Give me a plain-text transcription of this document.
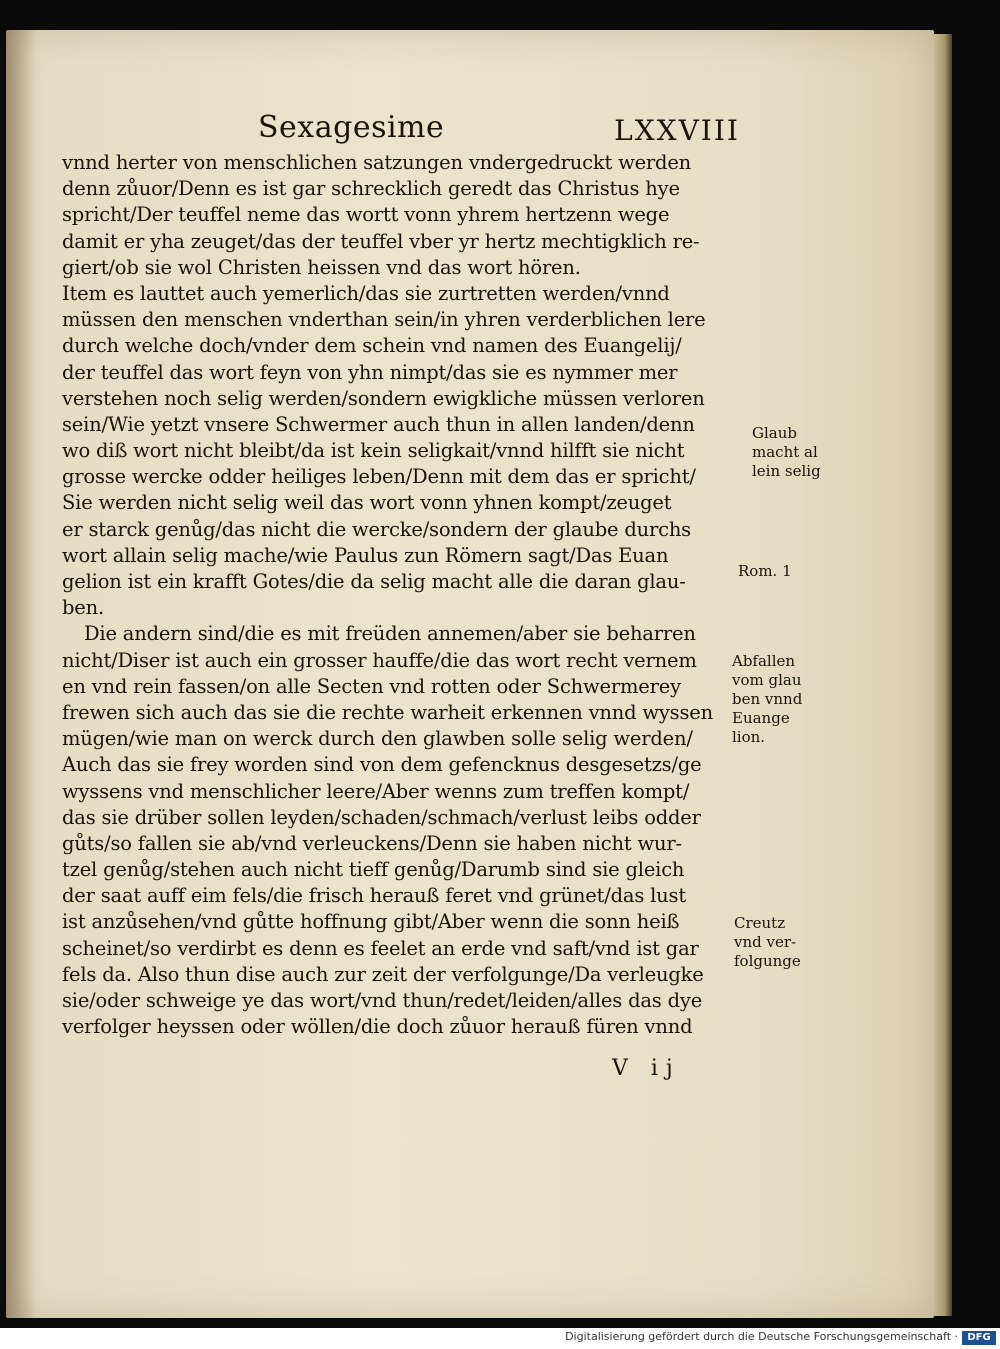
Sexagesime	LXXVIII
vnnd herter von menschlichen satzungen vndergedruckt werden
denn zůuor/Denn es ist gar schrecklich geredt das Christus hye
spricht/Der teuffel neme das wortt vonn yhrem hertzenn wege
damit er yha zeuget/das der teuffel vber yr hertz mechtigklich re-
giert/ob sie wol Christen heissen vnd das wort hören.
Item es lauttet auch yemerlich/das sie zurtretten werden/vnnd
müssen den menschen vnderthan sein/in yhren verderblichen lere
durch welche doch/vnder dem schein vnd namen des Euangelij/
der teuffel das wort feyn von yhn nimpt/das sie es nymmer mer
verstehen noch selig werden/sondern ewigkliche müssen verloren
sein/Wie yetzt vnsere Schwermer auch thun in allen landen/denn
wo diß wort nicht bleibt/da ist kein seligkait/vnnd hilfft sie nicht
grosse wercke odder heiliges leben/Denn mit dem das er spricht/
Sie werden nicht selig weil das wort vonn yhnen kompt/zeuget
er starck genůg/das nicht die wercke/sondern der glaube durchs
wort allain selig mache/wie Paulus zun Römern sagt/Das Euan
gelion ist ein krafft Gotes/die da selig macht alle die daran glau-
ben.
Die andern sind/die es mit freüden annemen/aber sie beharren
nicht/Diser ist auch ein grosser hauffe/die das wort recht vernem
en vnd rein fassen/on alle Secten vnd rotten oder Schwermerey
frewen sich auch das sie die rechte warheit erkennen vnnd wyssen
mügen/wie man on werck durch den glawben solle selig werden/
Auch das sie frey worden sind von dem gefencknus desgesetzs/ge
wyssens vnd menschlicher leere/Aber wenns zum treffen kompt/
das sie drüber sollen leyden/schaden/schmach/verlust leibs odder
gůts/so fallen sie ab/vnd verleuckens/Denn sie haben nicht wur-
tzel genůg/stehen auch nicht tieff genůg/Darumb sind sie gleich
der saat auff eim fels/die frisch herauß feret vnd grünet/das lust
ist anzůsehen/vnd gůtte hoffnung gibt/Aber wenn die sonn heiß
scheinet/so verdirbt es denn es feelet an erde vnd saft/vnd ist gar
fels da. Also thun dise auch zur zeit der verfolgunge/Da verleugke
sie/oder schweige ye das wort/vnd thun/redet/leiden/alles das dye
verfolger heyssen oder wöllen/die doch zůuor herauß füren vnnd
Glaub
macht al
lein selig
Rom. 1
Abfallen
vom glau
ben vnnd
Euange
lion.
Creutz
vnd ver-
folgunge
V ij
Digitalisierung gefördert durch die Deutsche Forschungsgemeinschaft · DFG
